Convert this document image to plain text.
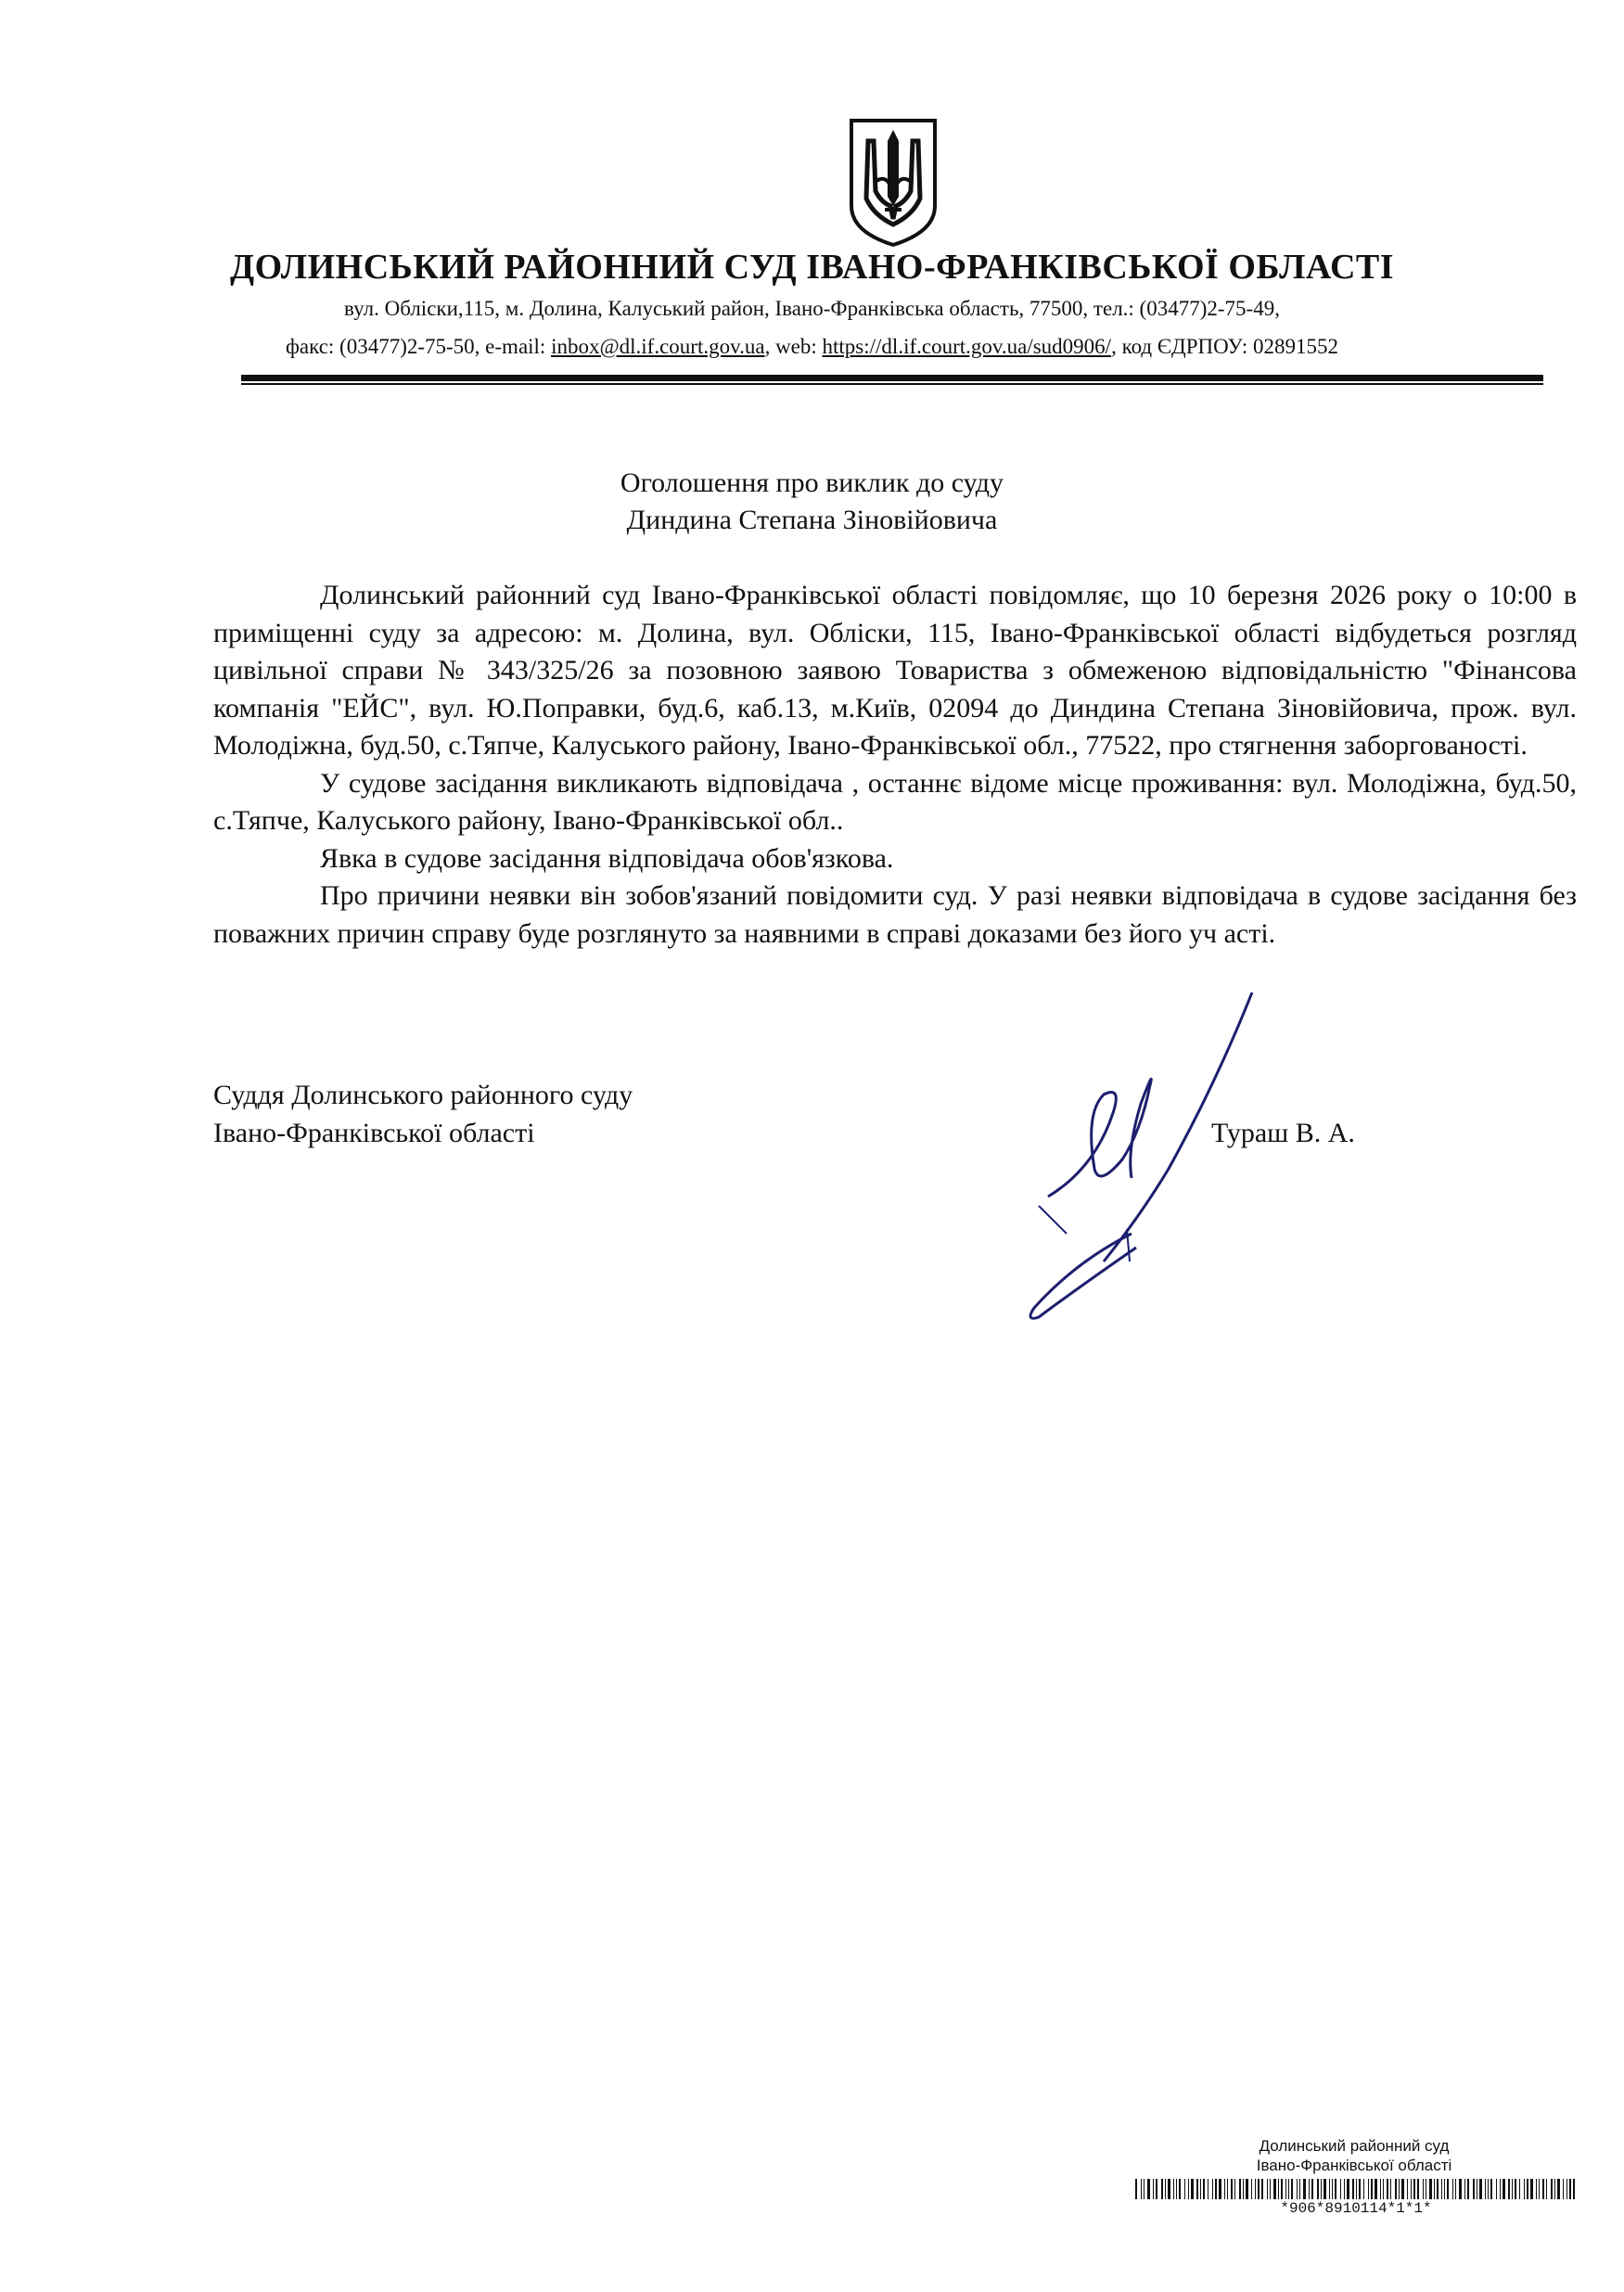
ДОЛИНСЬКИЙ РАЙОННИЙ СУД ІВАНО-ФРАНКІВСЬКОЇ ОБЛАСТІ
вул. Обліски,115, м. Долина, Калуський район, Івано-Франківська область, 77500, тел.: (03477)2-75-49,
факс: (03477)2-75-50, e-mail: inbox@dl.if.court.gov.ua, web: https://dl.if.court.gov.ua/sud0906/, код ЄДРПОУ: 02891552
Оголошення про виклик до суду
Диндина Степана Зіновійовича

Долинський районний суд Івано-Франківської області повідомляє, що 10 березня 2026 року о 10:00 в приміщенні суду за адресою: м. Долина, вул. Обліски, 115, Івано-Франківської області відбудеться розгляд цивільної справи № 343/325/26 за позовною заявою Товариства з обмеженою відповідальністю "Фінансова компанія "ЕЙС", вул. Ю.Поправки, буд.6, каб.13, м.Київ, 02094 до Диндина Степана Зіновійовича, прож. вул. Молодіжна, буд.50, с.Тяпче, Калуського району, Івано-Франківської обл., 77522, про стягнення заборгованості.

У судове засідання викликають відповідача , останнє відоме місце проживання: вул. Молодіжна, буд.50, с.Тяпче, Калуського району, Івано-Франківської обл..

Явка в судове засідання відповідача обов'язкова.

Про причини неявки він зобов'язаний повідомити суд. У разі неявки відповідача в судове засідання без поважних причин справу буде розглянуто за наявними в справі доказами без його уч асті.

Суддя Долинського районного суду
Івано-Франківської області	Тураш В. А.
Долинський районний суд
Івано-Франківської області
*906*8910114*1*1*
